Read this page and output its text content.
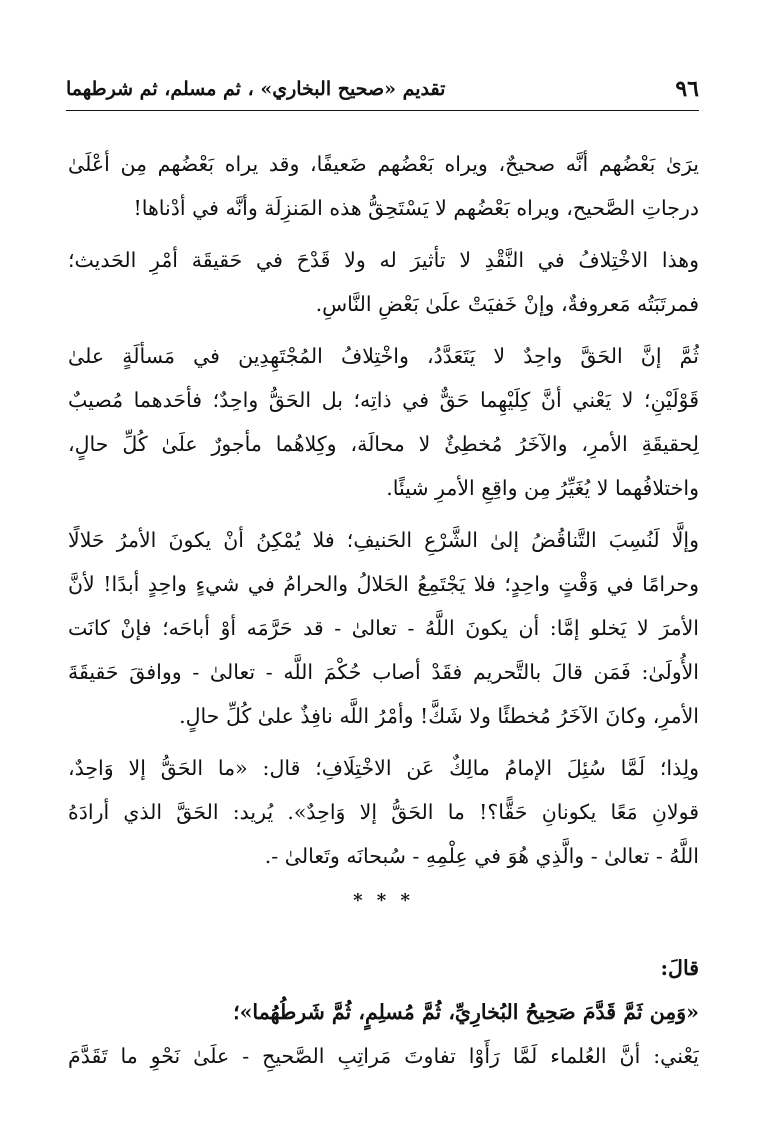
٩٦
تقديم «صحيح البخاري» ، ثم مسلم، ثم شرطهما
يرَىٰ بَعْضُهم أنَّه صحيحٌ، ويراه بَعْضُهم ضَعيفًا، وقد يراه بَعْضُهم مِن أعْلَىٰ
درجاتِ الصَّحيح، ويراه بَعْضُهم لا يَسْتَحِقُّ هذه المَنزِلَة وأنَّه في أدْناها!
وهذا الاخْتِلافُ في النَّقْدِ لا تأثيرَ له ولا قَدْحَ في حَقيقَة أمْرِ الحَديث؛
فمرتَبَتُه مَعروفةٌ، وإنْ خَفيَتْ علَىٰ بَعْضِ النَّاسِ.
ثُمَّ إنَّ الحَقَّ واحِدٌ لا يَتَعَدَّدُ، واخْتِلافُ المُجْتَهِدِين في مَسألَةٍ علىٰ
قَوْلَيْنِ؛ لا يَعْني أنَّ كِلَيْهِما حَقٌّ في ذاتِه؛ بل الحَقُّ واحِدٌ؛ فأحَدهما مُصيبٌ
لِحقيقَةِ الأمرِ، والآخَرُ مُخطِئٌ لا محالَة، وكِلاهُما مأجورٌ علَىٰ كُلِّ حالٍ،
واختلافُهما لا يُغَيِّرُ مِن واقِعِ الأمرِ شيئًا.
وإلَّا لَنُسِبَ التَّناقُضُ إلىٰ الشَّرْعِ الحَنيفِ؛ فلا يُمْكِنُ أنْ يكونَ الأمرُ حَلالًا
وحرامًا في وَقْتٍ واحِدٍ؛ فلا يَجْتَمِعُ الحَلالُ والحرامُ في شيءٍ واحِدٍ أبدًا! لأنَّ
الأمرَ لا يَخلو إمَّا: أن يكونَ اللَّهُ - تعالىٰ - قد حَرَّمَه أوْ أباحَه؛ فإنْ كانَت
الأُولَىٰ: فَمَن قالَ بالتَّحريم فقَدْ أصاب حُكْمَ اللَّه - تعالىٰ - ووافقَ حَقيقَةَ
الأمرِ، وكانَ الآخَرُ مُخطئًا ولا شَكَّ! وأمْرُ اللَّه نافِذٌ علىٰ كُلِّ حالٍ.
ولِذا؛ لَمَّا سُئِلَ الإمامُ مالِكٌ عَن الاخْتِلَافِ؛ قال: «ما الحَقُّ إلا وَاحِدٌ،
قولانِ مَعًا يكونانِ حَقًّا؟! ما الحَقُّ إلا وَاحِدٌ». يُريد: الحَقَّ الذي أرادَهُ
اللَّهُ - تعالىٰ - والَّذِي هُوَ في عِلْمِهِ - سُبحانَه وتَعالىٰ -.
* * *
قالَ:
«وَمِن ثَمَّ قَدَّمَ صَحِيحُ البُخارِيِّ، ثُمَّ مُسلِمٍ، ثُمَّ شَرطُهُما»؛
يَعْني: أنَّ العُلماء لَمَّا رَأَوْا تفاوتَ مَراتِبِ الصَّحيحِ - علَىٰ نَحْوِ ما تَقَدَّمَ
